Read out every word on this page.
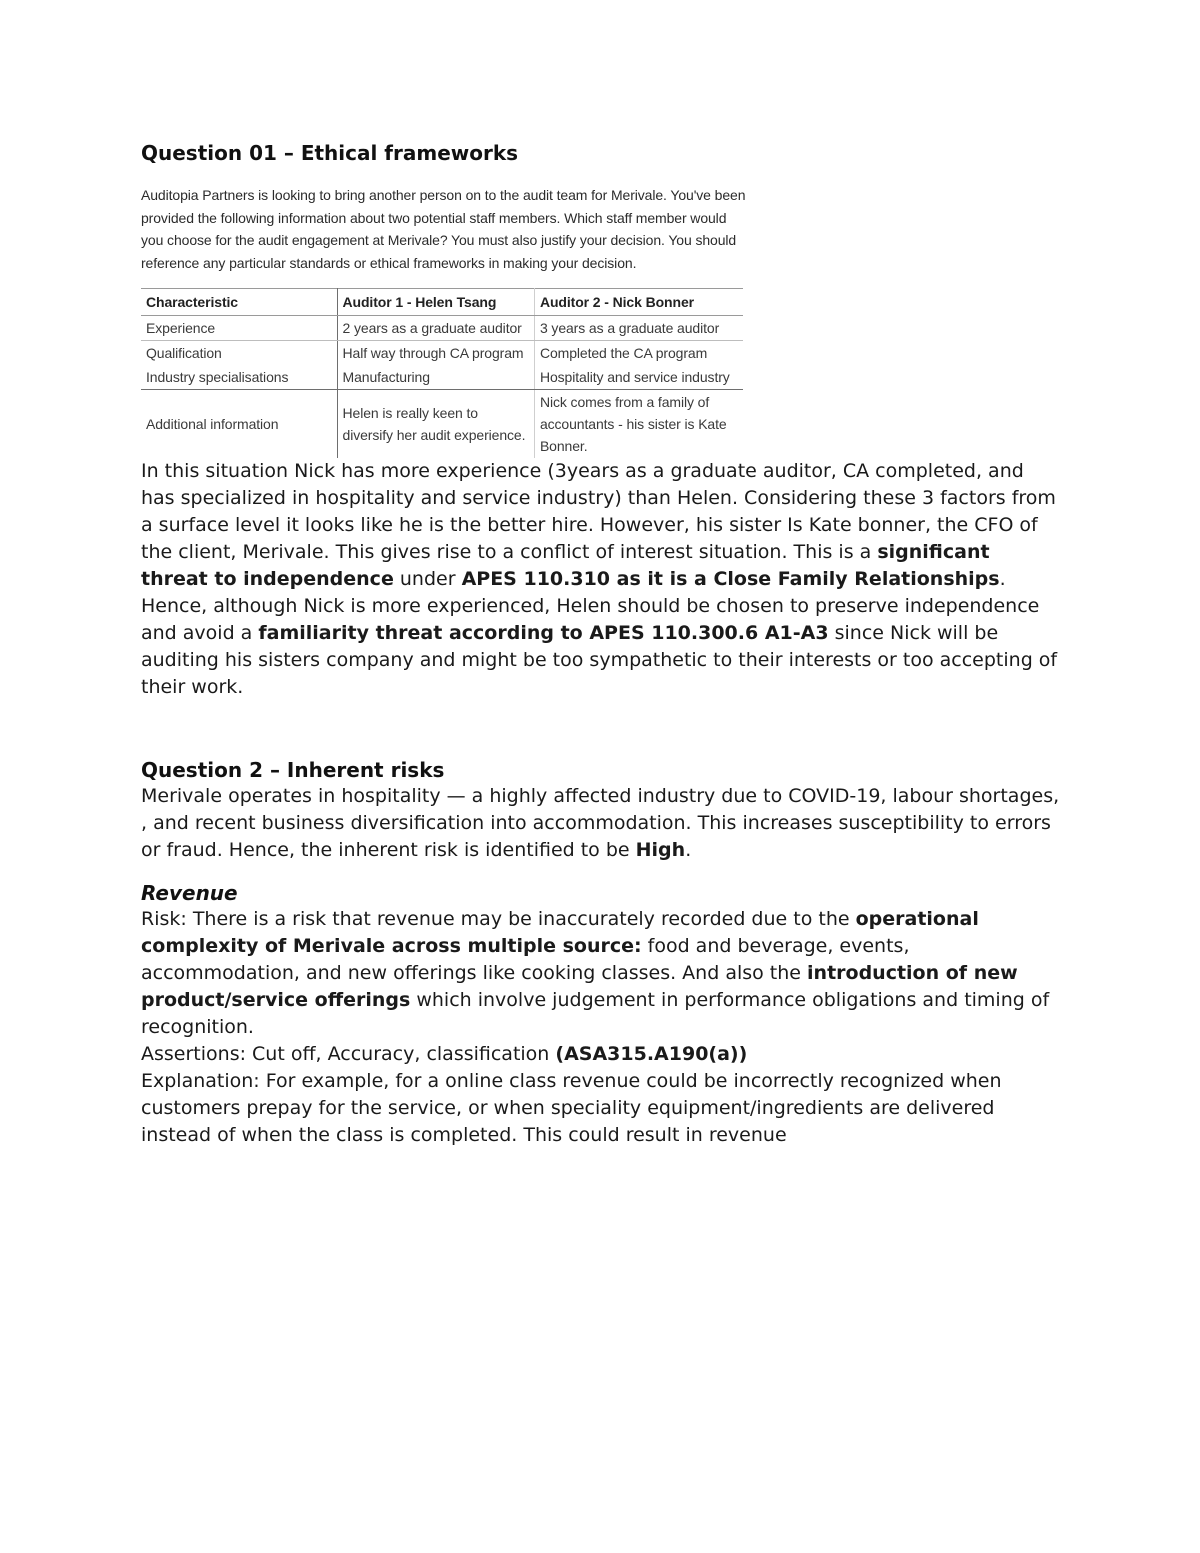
Question 01 – Ethical frameworks

Auditopia Partners is looking to bring another person on to the audit team for Merivale. You've been provided the following information about two potential staff members. Which staff member would you choose for the audit engagement at Merivale? You must also justify your decision. You should reference any particular standards or ethical frameworks in making your decision.

Characteristic	Auditor 1 - Helen Tsang	Auditor 2 - Nick Bonner
Experience	2 years as a graduate auditor	3 years as a graduate auditor
Qualification	Half way through CA program	Completed the CA program
Industry specialisations	Manufacturing	Hospitality and service industry
Additional information	Helen is really keen to diversify her audit experience.	Nick comes from a family of accountants - his sister is Kate Bonner.

In this situation Nick has more experience (3years as a graduate auditor, CA completed, and has specialized in hospitality and service industry) than Helen. Considering these 3 factors from a surface level it looks like he is the better hire. However, his sister Is Kate bonner, the CFO of the client, Merivale. This gives rise to a conflict of interest situation. This is a significant threat to independence under APES 110.310 as it is a Close Family Relationships.

Hence, although Nick is more experienced, Helen should be chosen to preserve independence and avoid a familiarity threat according to APES 110.300.6 A1-A3 since Nick will be auditing his sisters company and might be too sympathetic to their interests or too accepting of their work.

Question 2 – Inherent risks

Merivale operates in hospitality — a highly affected industry due to COVID-19, labour shortages, , and recent business diversification into accommodation. This increases susceptibility to errors or fraud. Hence, the inherent risk is identified to be High.

Revenue

Risk: There is a risk that revenue may be inaccurately recorded due to the operational complexity of Merivale across multiple source: food and beverage, events, accommodation, and new offerings like cooking classes. And also the introduction of new product/service offerings which involve judgement in performance obligations and timing of recognition.

Assertions: Cut off, Accuracy, classification (ASA315.A190(a))

Explanation: For example, for a online class revenue could be incorrectly recognized when customers prepay for the service, or when speciality equipment/ingredients are delivered instead of when the class is completed. This could result in revenue
